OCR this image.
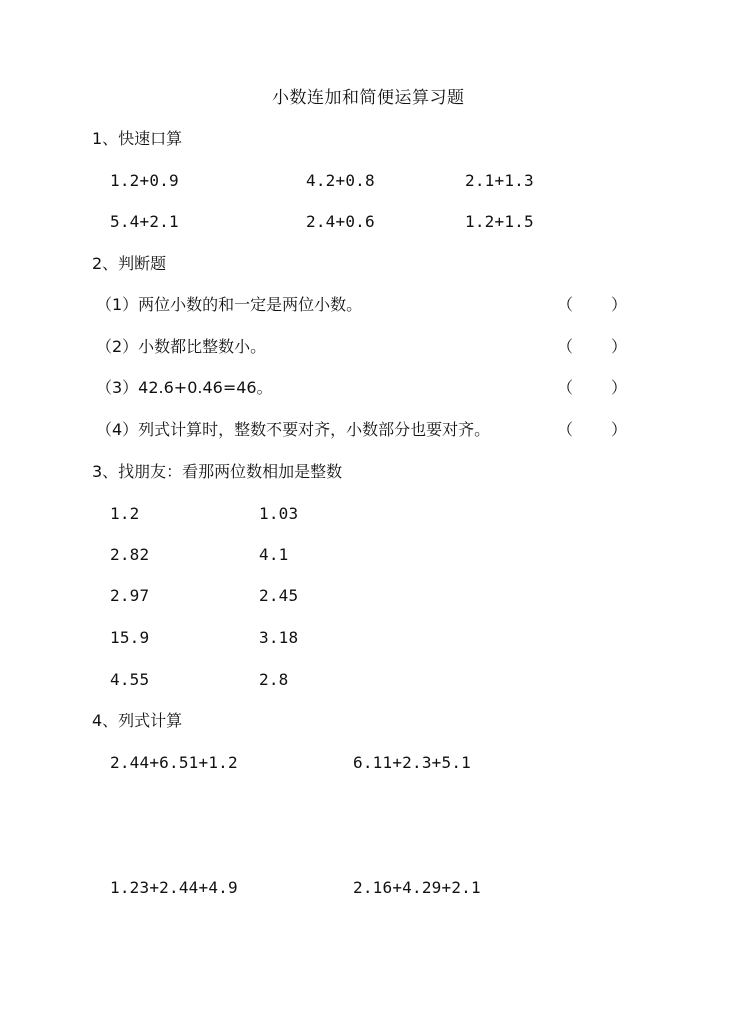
小数连加和简便运算习题
1、快速口算
1.2+0.9	4.2+0.8	2.1+1.3
5.4+2.1	2.4+0.6	1.2+1.5
2、判断题
（1）两位小数的和一定是两位小数。	（ ）
（2）小数都比整数小。	（ ）
（3）42.6+0.46=46。	（ ）
（4）列式计算时，整数不要对齐，小数部分也要对齐。	（ ）
3、找朋友：看那两位数相加是整数
1.2	1.03
2.82	4.1
2.97	2.45
15.9	3.18
4.55	2.8
4、列式计算
2.44+6.51+1.2	6.11+2.3+5.1
1.23+2.44+4.9	2.16+4.29+2.1
